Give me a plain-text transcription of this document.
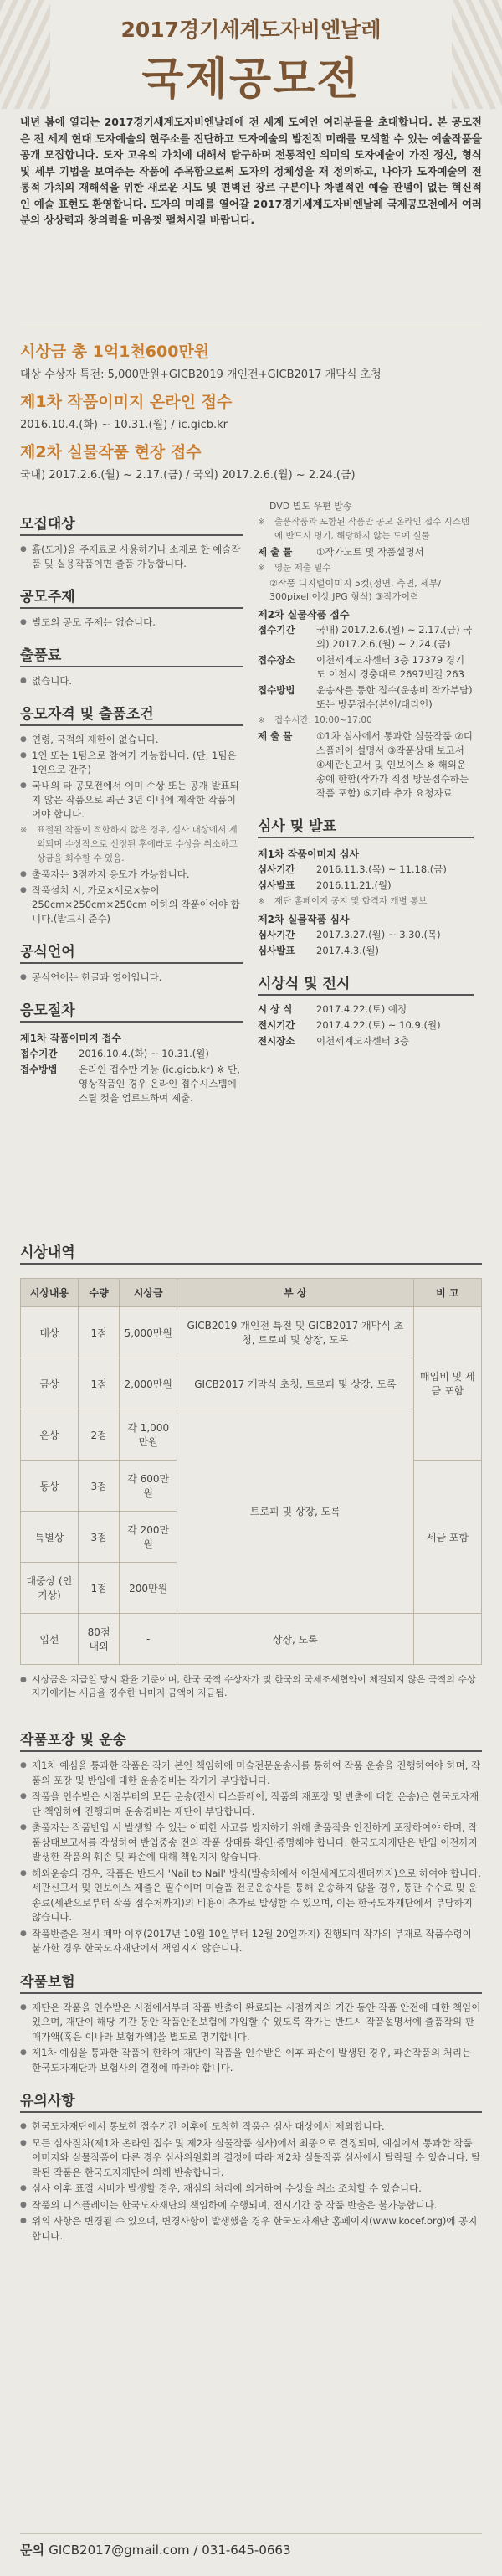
2017경기세계도자비엔날레
국제공모전
내년 봄에 열리는 2017경기세계도자비엔날레에 전 세계 도예인 여러분들을 초대합니다. 본 공모전은 전 세계 현대 도자예술의 현주소를 진단하고 도자예술의 발전적 미래를 모색할 수 있는 예술작품을 공개 모집합니다. 도자 고유의 가치에 대해서 탐구하며 전통적인 의미의 도자예술이 가진 정신, 형식 및 세부 기법을 보여주는 작품에 주목함으로써 도자의 정체성을 재 정의하고, 나아가 도자예술의 전통적 가치의 재해석을 위한 새로운 시도 및 편벽된 장르 구분이나 차별적인 예술 관념이 없는 혁신적인 예술 표현도 환영합니다. 도자의 미래를 열어갈 2017경기세계도자비엔날레 국제공모전에서 여러분의 상상력과 창의력을 마음껏 펼쳐시길 바랍니다.
시상금 총 1억1천600만원
대상 수상자 특전: 5,000만원+GICB2019 개인전+GICB2017 개막식 초청
제1차 작품이미지 온라인 접수
2016.10.4.(화) ~ 10.31.(월) / ic.gicb.kr
제2차 실물작품 현장 접수
국내) 2017.2.6.(월) ~ 2.17.(금) / 국외) 2017.2.6.(월) ~ 2.24.(금)
모집대상
● 흙(도자)을 주재료로 사용하거나 소재로 한 예술작품 및 실용작품이면 출품 가능합니다.
공모주제
● 별도의 공모 주제는 없습니다.
출품료
● 없습니다.
응모자격 및 출품조건
● 연령, 국적의 제한이 없습니다.
● 1인 또는 1팀으로 참여가 가능합니다. (단, 1팀은 1인으로 간주)
● 국내외 타 공모전에서 이미 수상 또는 공개 발표되지 않은 작품으로 최근 3년 이내에 제작한 작품이어야 합니다.
※ 표절된 작품이 적합하지 않은 경우, 심사 대상에서 제외되며 수상작으로 선정된 후에라도 수상을 취소하고 상금을 회수할 수 있음.
● 출품자는 3점까지 응모가 가능합니다.
● 작품설치 시, 가로×세로×높이 250cm×250cm×250cm 이하의 작품이어야 합니다.(받드시 준수)
공식언어
● 공식언어는 한글과 영어입니다.
응모절차
제1차 작품이미지 접수
접수기간	2016.10.4.(화) ~ 10.31.(월)
접수방법	온라인 접수만 가능 (ic.gicb.kr) ※ 단, 영상작품인 경우 온라인 접수시스템에 스틸 컷을 업로드하여 제출.
DVD 별도 우편 발송
※ 출품작품과 포함된 작품만 공모 온라인 접수 시스템에 반드시 명기, 해당하지 않는 도예 실물
제 출 물	①작가노트 및 작품설명서
※ 영문 제출 필수
②작품 디지털이미지 5컷(정면, 측면, 세부/ 300pixel 이상 JPG 형식) ③작가이력
제2차 실물작품 접수
접수기간	국내) 2017.2.6.(월) ~ 2.17.(금) 국외) 2017.2.6.(월) ~ 2.24.(금)
접수장소	이천세계도자센터 3층 17379 경기도 이천시 경충대로 2697번길 263
접수방법	운송사를 통한 접수(운송비 작가부담) 또는 방문접수(본인/대리인)
※ 접수시간: 10:00~17:00
제 출 물	①1차 심사에서 통과한 실물작품 ②디스플레이 설명서 ③작품상태 보고서 ④세관신고서 및 인보이스 ※ 해외운송에 한함(작가가 직접 방문접수하는 작품 포함) ⑤기타 추가 요청자료
심사 및 발표
제1차 작품이미지 심사
심사기간	2016.11.3.(목) ~ 11.18.(금)
심사발표	2016.11.21.(월)
※ 재단 홈페이지 공지 및 합격자 개별 통보
제2차 실물작품 심사
심사기간	2017.3.27.(월) ~ 3.30.(목)
심사발표	2017.4.3.(월)
시상식 및 전시
시 상 식	2017.4.22.(토) 예정
전시기간	2017.4.22.(토) ~ 10.9.(월)
전시장소	이천세계도자센터 3층
시상내역
시상내용	수량	시상금	부 상	비 고
대상	1점	5,000만원	GICB2019 개인전 특전 및 GICB2017 개막식 초청, 트로피 및 상장, 도록	매입비 및 세금 포함
금상	1점	2,000만원	GICB2017 개막식 초청, 트로피 및 상장, 도록	
은상	2점	각 1,000만원	트로피 및 상장, 도록	
동상	3점	각 600만원		세금 포함
특별상	3점	각 200만원		
대중상 (인기상)	1점	200만원		
입선	80점 내외	-	상장, 도록	
● 시상금은 지급일 당시 환율 기준이며, 한국 국적 수상자가 및 한국의 국제조세협약이 체결되지 않은 국적의 수상자가에게는 세금을 징수한 나머지 금액이 지급됨.
작품포장 및 운송
● 제1차 예심을 통과한 작품은 작가 본인 책임하에 미술전문운송사를 통하여 작품 운송을 진행하여야 하며, 작품의 포장 및 반입에 대한 운송경비는 작가가 부담합니다.
● 작품을 인수받은 시점부터의 모든 운송(전시 디스플레이, 작품의 재포장 및 반출에 대한 운송)은 한국도자재단 책임하에 진행되며 운송경비는 재단이 부담합니다.
● 출품자는 작품반입 시 발생할 수 있는 어떠한 사고를 방지하기 위해 출품작을 안전하게 포장하여야 하며, 작품상태보고서를 작성하여 반입중송 전의 작품 상태를 확인·증명해야 합니다. 한국도자재단은 반입 이전까지 발생한 작품의 훼손 및 파손에 대해 책임지지 않습니다.
● 해외운송의 경우, 작품은 반드시 'Nail to Nail' 방식(발송처에서 이천세계도자센터까지)으로 하여야 합니다. 세관신고서 및 인보이스 제출은 필수이며 미술품 전문운송사를 통해 운송하지 않을 경우, 통관 수수료 및 운송료(세관으로부터 작품 접수처까지)의 비용이 추가로 발생할 수 있으며, 이는 한국도자재단에서 부담하지 않습니다.
● 작품반출은 전시 폐막 이후(2017년 10월 10일부터 12월 20일까지) 진행되며 작가의 부재로 작품수령이 불가한 경우 한국도자재단에서 책임지지 않습니다.
작품보험
● 재단은 작품을 인수받은 시점에서부터 작품 반출이 완료되는 시점까지의 기간 동안 작품 안전에 대한 책임이 있으며, 재단이 해당 기간 동안 작품안전보험에 가입할 수 있도록 작가는 반드시 작품설명서에 출품작의 판매가액(혹은 이나라 보험가액)을 별도로 명기합니다.
● 제1차 예심을 통과한 작품에 한하여 재단이 작품을 인수받은 이후 파손이 발생된 경우, 파손작품의 처리는 한국도자재단과 보험사의 결정에 따라야 합니다.
유의사항
● 한국도자재단에서 통보한 접수기간 이후에 도착한 작품은 심사 대상에서 제외합니다.
● 모든 심사절차(제1차 온라인 접수 및 제2차 실물작품 심사)에서 최종으로 결정되며, 예심에서 통과한 작품 이미지와 실물작품이 다른 경우 심사위원회의 결정에 따라 제2차 실물작품 심사에서 탈락될 수 있습니다. 탈락된 작품은 한국도자재단에 의해 반송합니다.
● 심사 이후 표절 시비가 발생할 경우, 재심의 처리에 의거하여 수상을 취소 조치할 수 있습니다.
● 작품의 디스플레이는 한국도자재단의 책임하에 수행되며, 전시기간 중 작품 반출은 불가능합니다.
● 위의 사항은 변경될 수 있으며, 변경사항이 발생했을 경우 한국도자재단 홈페이지(www.kocef.org)에 공지합니다.
문의 GICB2017@gmail.com / 031-645-0663
